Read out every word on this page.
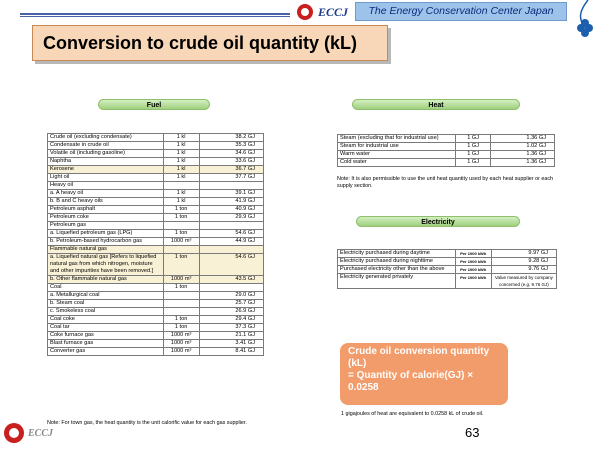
ECCJ	The Energy Conservation Center Japan
Conversion to crude oil quantity (kL)
Fuel
Crude oil (excluding condensate)	1 kl	38.2 GJ
Condensate in crude oil	1 kl	35.3 GJ
Volatile oil (including gasoline)	1 kl	34.6 GJ
Naphtha	1 kl	33.6 GJ
Kerosene	1 kl	36.7 GJ
Light oil	1 kl	37.7 GJ
Heavy oil		
a. A heavy oil	1 kl	39.1 GJ
b. B and C heavy oils	1 kl	41.9 GJ
Petroleum asphalt	1 ton	40.9 GJ
Petroleum coke	1 ton	29.9 GJ
Petroleum gas		
a. Liquefied petroleum gas (LPG)	1 ton	54.6 GJ
b. Petroleum-based hydrocarbon gas	1000 m³	44.9 GJ
Flammable natural gas		
a. Liquefied natural gas [Refers to liquefied natural gas from which nitrogen, moisture and other impurities have been removed.]	1 ton	54.6 GJ
b. Other flammable natural gas	1000 m³	43.5 GJ
Coal	1 ton	
a. Metallurgical coal		29.0 GJ
b. Steam coal		25.7 GJ
c. Smokeless coal		26.9 GJ
Coal coke	1 ton	29.4 GJ
Coal tar	1 ton	37.3 GJ
Coke furnace gas	1000 m³	21.1 GJ
Blast furnace gas	1000 m³	3.41 GJ
Converter gas	1000 m³	8.41 GJ
Note: For town gas, the heat quantity is the unit calorific value for each gas supplier.
Heat
Steam (excluding that for industrial use)	1 GJ	1.36 GJ
Steam for industrial use	1 GJ	1.02 GJ
Warm water	1 GJ	1.36 GJ
Cold water	1 GJ	1.36 GJ
Note: It is also permissible to use the unit heat quantity used by each heat supplier or each supply section.
Electricity
Electricity purchased during daytime	Per 1000 kWh	9.97 GJ
Electricity purchased during nighttime	Per 1000 kWh	9.28 GJ
Purchased electricity other than the above	Per 1000 kWh	9.76 GJ
Electricity generated privately	Per 1000 kWh	Value measured by company concerned (e.g. 9.76 GJ)
Crude oil conversion quantity (kL)
= Quantity of calorie(GJ) × 0.0258
1 gigajoules of heat are equivalent to 0.0258 kL of crude oil.
63
ECCJ
